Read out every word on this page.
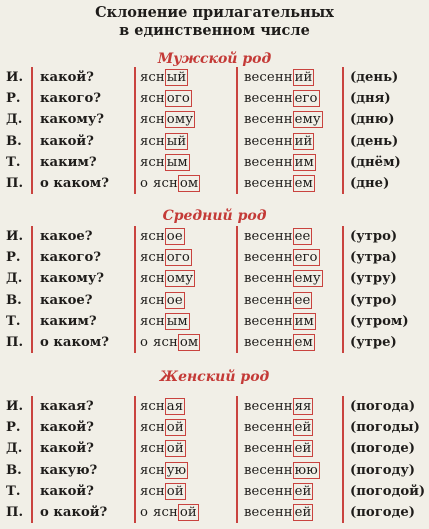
Склонение прилагательных
в единственном числе
Мужской род
И.	какой?	ясн ый	весенн ий	(день)
Р.	какого?	ясн ого	весенн его	(дня)
Д.	какому?	ясн ому	весенн ему	(дню)
В.	какой?	ясн ый	весенн ий	(день)
Т.	каким?	ясн ым	весенн им	(днём)
П.	о каком?	о ясн ом	весенн ем	(дне)
Средний род
И.	какое?	ясн ое	весенн ее	(утро)
Р.	какого?	ясн ого	весенн его	(утра)
Д.	какому?	ясн ому	весенн ему	(утру)
В.	какое?	ясн ое	весенн ее	(утро)
Т.	каким?	ясн ым	весенн им	(утром)
П.	о каком?	о ясн ом	весенн ем	(утре)
Женский род
И.	какая?	ясн ая	весенн яя	(погода)
Р.	какой?	ясн ой	весенн ей	(погоды)
Д.	какой?	ясн ой	весенн ей	(погоде)
В.	какую?	ясн ую	весенн юю	(погоду)
Т.	какой?	ясн ой	весенн ей	(погодой)
П.	о какой?	о ясн ой	весенн ей	(погоде)
